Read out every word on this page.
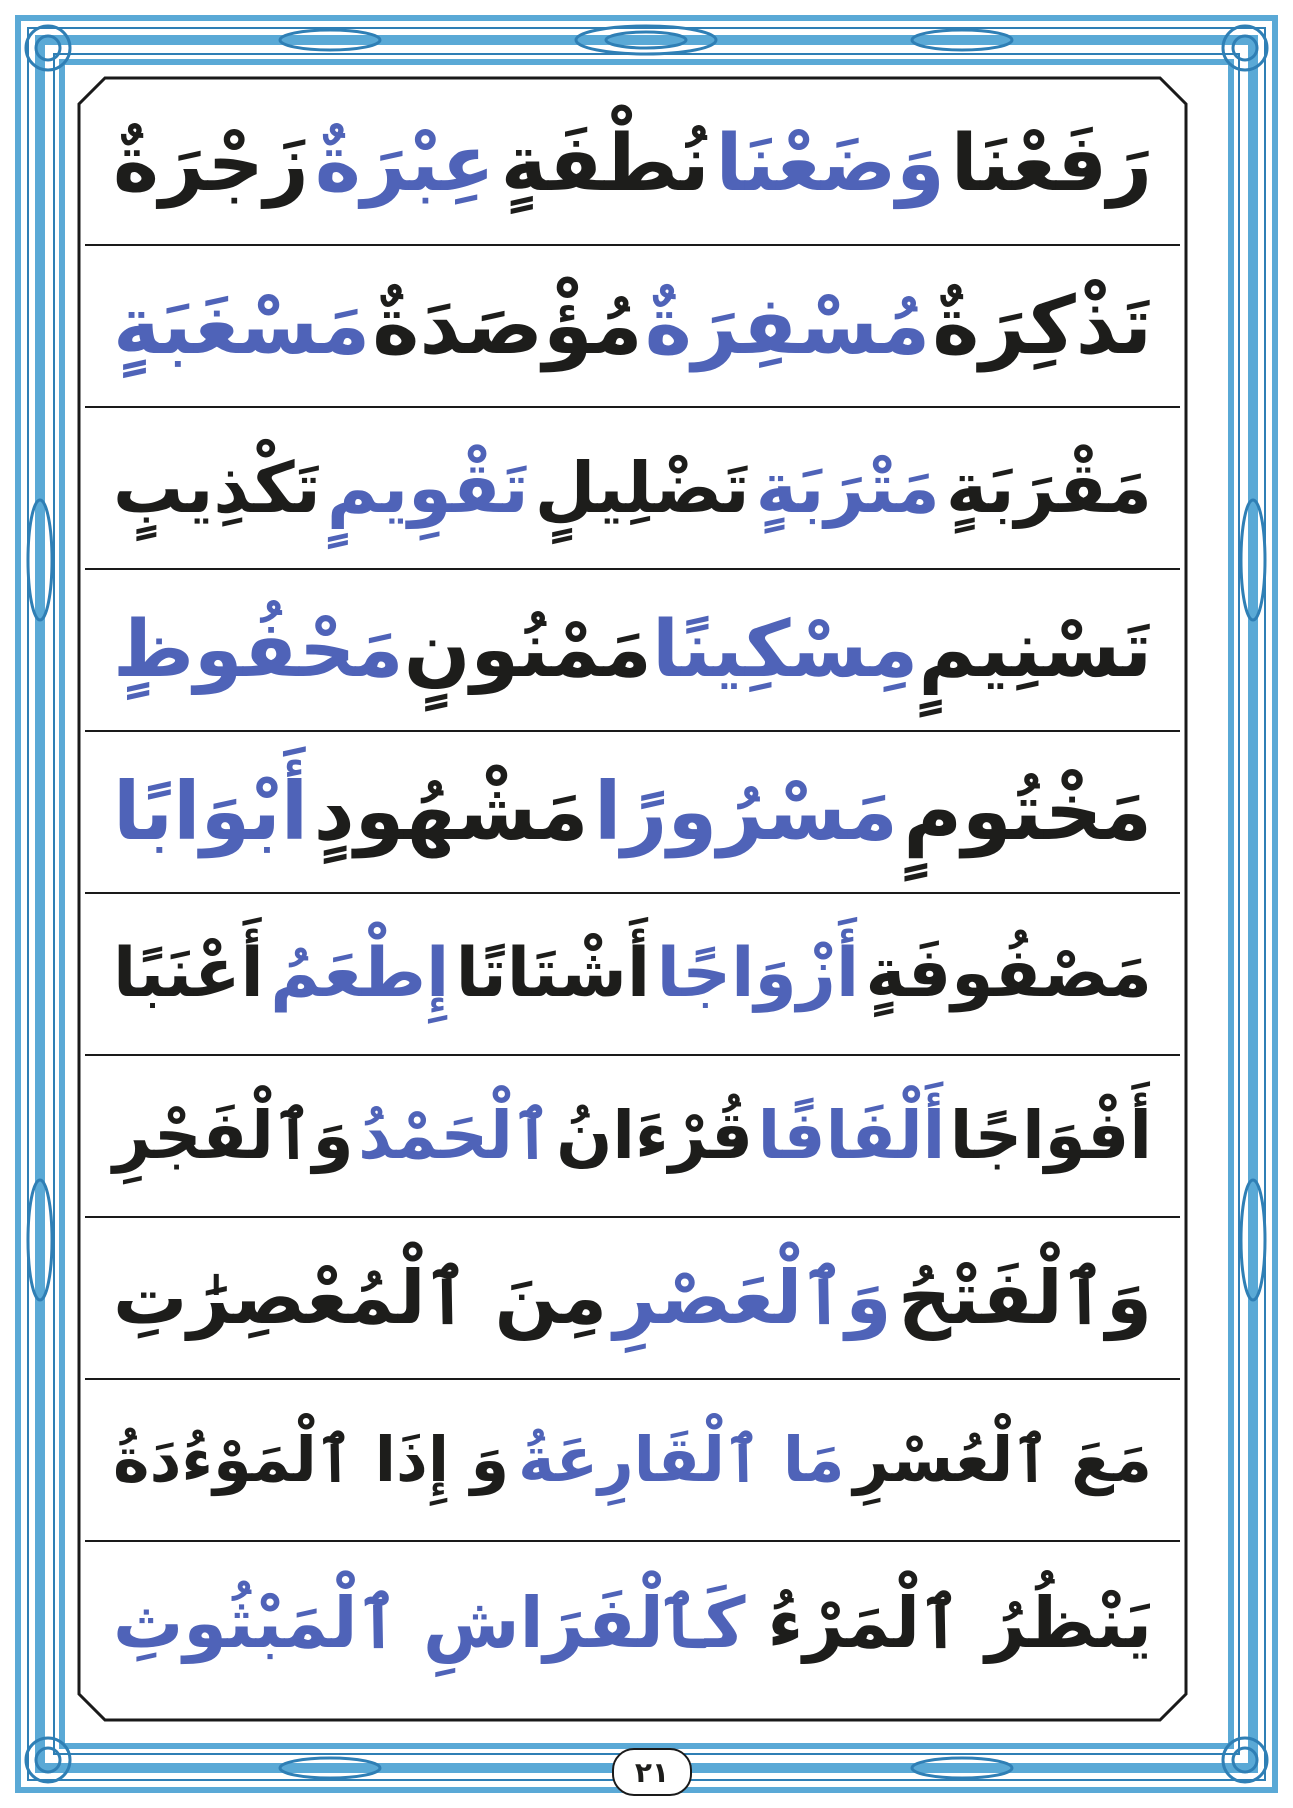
رَفَعْنَا
وَضَعْنَا
نُطْفَةٍ
عِبْرَةٌ
زَجْرَةٌ
تَذْكِرَةٌ
مُسْفِرَةٌ
مُؤْصَدَةٌ
مَسْغَبَةٍ
مَقْرَبَةٍ
مَتْرَبَةٍ
تَضْلِيلٍ
تَقْوِيمٍ
تَكْذِيبٍ
تَسْنِيمٍ
مِسْكِينًا
مَمْنُونٍ
مَحْفُوظٍ
مَخْتُومٍ
مَسْرُورًا
مَشْهُودٍ
أَبْوَابًا
مَصْفُوفَةٍ
أَزْوَاجًا
أَشْتَاتًا
إِطْعَمُ
أَعْنَبًا
أَفْوَاجًا
أَلْفَافًا
قُرْءَانُ
ٱلْحَمْدُ
وَٱلْفَجْرِ
وَٱلْفَتْحُ
وَٱلْعَصْرِ
مِنَ ٱلْمُعْصِرَٰتِ
مَعَ ٱلْعُسْرِ
مَا ٱلْقَارِعَةُ
وَ إِذَا ٱلْمَوْءُدَةُ
يَنْظُرُ ٱلْمَرْءُ
كَٱلْفَرَاشِ ٱلْمَبْثُوثِ
٢١
